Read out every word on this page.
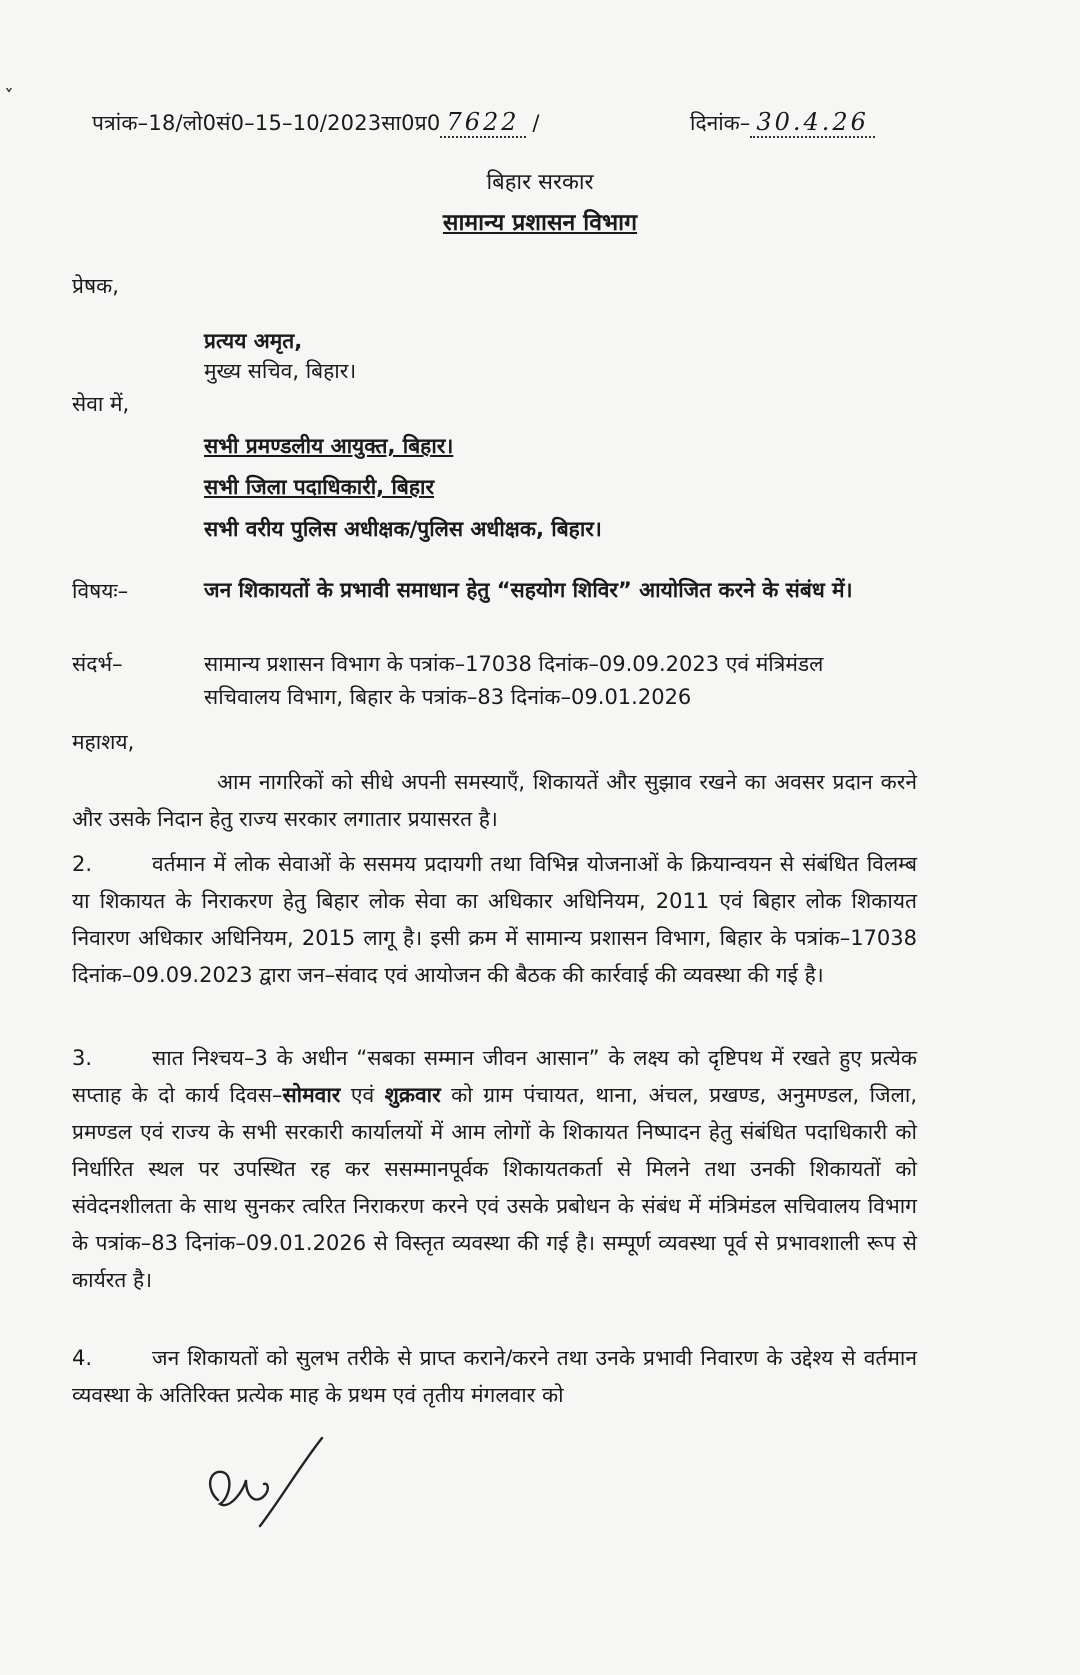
˯
पत्रांक–18/लो0सं0–15–10/2023सा0प्र0 7622 /	दिनांक– 30.4.26
बिहार सरकार
सामान्य प्रशासन विभाग
प्रेषक,
प्रत्यय अमृत,
मुख्य सचिव, बिहार।
सेवा में,
सभी प्रमण्डलीय आयुक्त, बिहार।
सभी जिला पदाधिकारी, बिहार
सभी वरीय पुलिस अधीक्षक/पुलिस अधीक्षक, बिहार।
विषयः–	जन शिकायतों के प्रभावी समाधान हेतु “सहयोग शिविर” आयोजित करने के संबंध में।
संदर्भ–	सामान्य प्रशासन विभाग के पत्रांक–17038 दिनांक–09.09.2023 एवं मंत्रिमंडल
सचिवालय विभाग, बिहार के पत्रांक–83 दिनांक–09.01.2026
महाशय,
आम नागरिकों को सीधे अपनी समस्याएँ, शिकायतें और सुझाव रखने का अवसर प्रदान करने और उसके निदान हेतु राज्य सरकार लगातार प्रयासरत है।
2.	वर्तमान में लोक सेवाओं के ससमय प्रदायगी तथा विभिन्न योजनाओं के क्रियान्वयन से संबंधित विलम्ब या शिकायत के निराकरण हेतु बिहार लोक सेवा का अधिकार अधिनियम, 2011 एवं बिहार लोक शिकायत निवारण अधिकार अधिनियम, 2015 लागू है। इसी क्रम में सामान्य प्रशासन विभाग, बिहार के पत्रांक–17038 दिनांक–09.09.2023 द्वारा जन–संवाद एवं आयोजन की बैठक की कार्रवाई की व्यवस्था की गई है।
3.	सात निश्चय–3 के अधीन “सबका सम्मान जीवन आसान” के लक्ष्य को दृष्टिपथ में रखते हुए प्रत्येक सप्ताह के दो कार्य दिवस–सोमवार एवं शुक्रवार को ग्राम पंचायत, थाना, अंचल, प्रखण्ड, अनुमण्डल, जिला, प्रमण्डल एवं राज्य के सभी सरकारी कार्यालयों में आम लोगों के शिकायत निष्पादन हेतु संबंधित पदाधिकारी को निर्धारित स्थल पर उपस्थित रह कर ससम्मानपूर्वक शिकायतकर्ता से मिलने तथा उनकी शिकायतों को संवेदनशीलता के साथ सुनकर त्वरित निराकरण करने एवं उसके प्रबोधन के संबंध में मंत्रिमंडल सचिवालय विभाग के पत्रांक–83 दिनांक–09.01.2026 से विस्तृत व्यवस्था की गई है। सम्पूर्ण व्यवस्था पूर्व से प्रभावशाली रूप से कार्यरत है।
4.	जन शिकायतों को सुलभ तरीके से प्राप्त कराने/करने तथा उनके प्रभावी निवारण के उद्देश्य से वर्तमान व्यवस्था के अतिरिक्त प्रत्येक माह के प्रथम एवं तृतीय मंगलवार को
